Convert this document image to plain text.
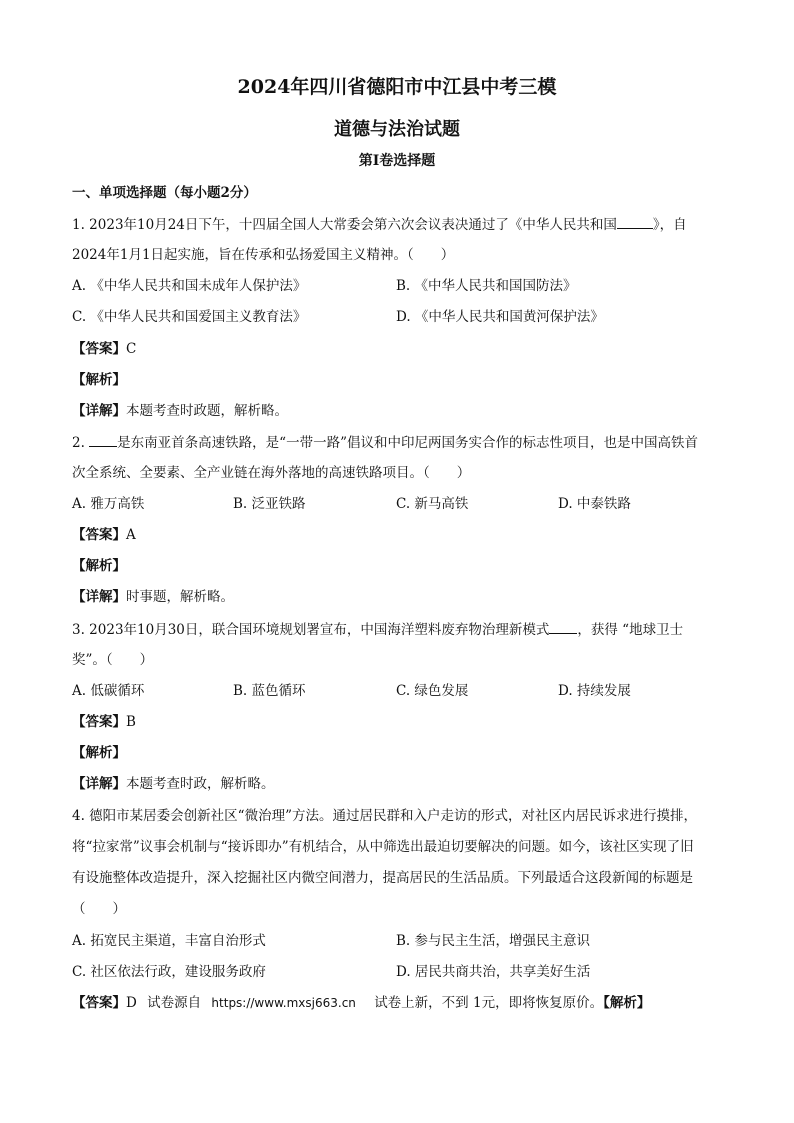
2024年四川省德阳市中江县中考三模
道德与法治试题
第Ⅰ卷选择题
一、单项选择题（每小题2分）
1. 2023年10月24日下午，十四届全国人大常委会第六次会议表决通过了《中华人民共和国	》，自
2024年1月1日起实施，旨在传承和弘扬爱国主义精神。（　　）
A. 《中华人民共和国未成年人保护法》	B. 《中华人民共和国国防法》
C. 《中华人民共和国爱国主义教育法》	D. 《中华人民共和国黄河保护法》
【答案】C
【解析】
【详解】本题考查时政题，解析略。
2. 是东南亚首条高速铁路，是“一带一路”倡议和中印尼两国务实合作的标志性项目，也是中国高铁首
次全系统、全要素、全产业链在海外落地的高速铁路项目。（　　）
A. 雅万高铁	B. 泛亚铁路	C. 新马高铁	D. 中泰铁路
【答案】A
【解析】
【详解】时事题，解析略。
3. 2023年10月30日，联合国环境规划署宣布，中国海洋塑料废弃物治理新模式 ，获得 “地球卫士
奖”。（　　）
A. 低碳循环	B. 蓝色循环	C. 绿色发展	D. 持续发展
【答案】B
【解析】
【详解】本题考查时政，解析略。
4. 德阳市某居委会创新社区“微治理”方法。通过居民群和入户走访的形式，对社区内居民诉求进行摸排，
将“拉家常”议事会机制与“接诉即办”有机结合，从中筛选出最迫切要解决的问题。如今，该社区实现了旧
有设施整体改造提升，深入挖掘社区内微空间潜力，提高居民的生活品质。下列最适合这段新闻的标题是
（　　）
A. 拓宽民主渠道，丰富自治形式	B. 参与民主生活，增强民主意识
C. 社区依法行政，建设服务政府	D. 居民共商共治，共享美好生活
【答案】D 试卷源自 https://www.mxsj663.cn 试卷上新，不到 1元，即将恢复原价。【解析】
